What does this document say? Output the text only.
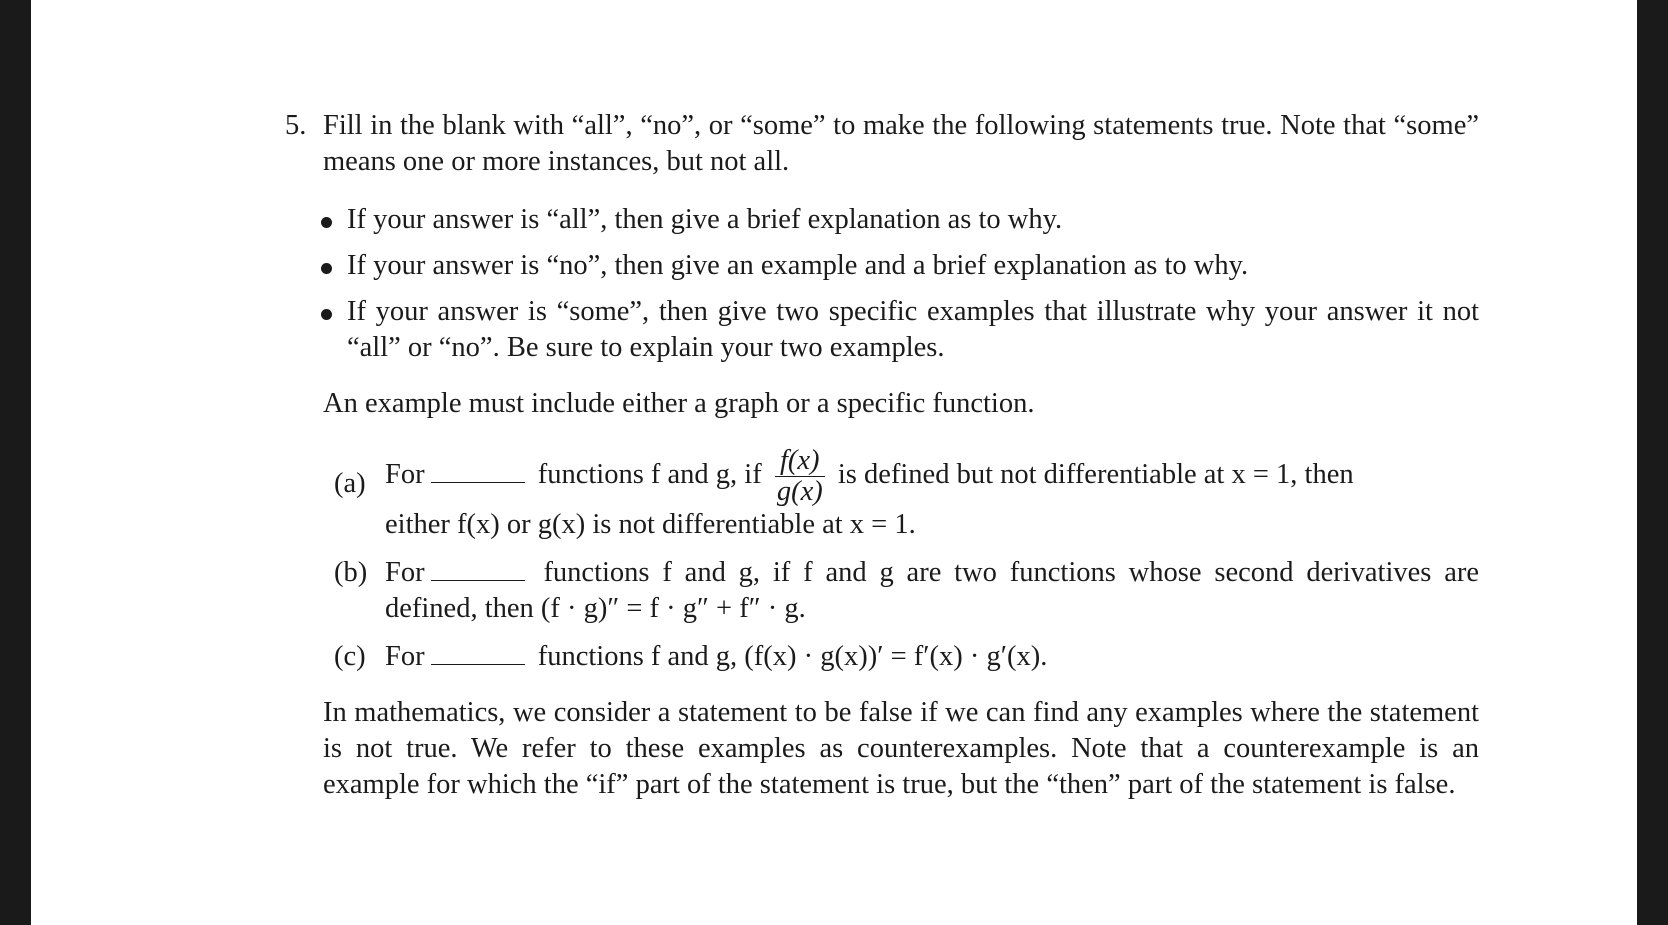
5. Fill in the blank with “all”, “no”, or “some” to make the following statements true. Note that “some” means one or more instances, but not all.
If your answer is “all”, then give a brief explanation as to why.
If your answer is “no”, then give an example and a brief explanation as to why.
If your answer is “some”, then give two specific examples that illustrate why your answer it not “all” or “no”. Be sure to explain your two examples.
An example must include either a graph or a specific function.
(a) For	functions f and g, if $\frac{f(x)}{g(x)}$ is defined but not differentiable at x = 1, then
either f(x) or g(x) is not differentiable at x = 1.
(b) For	functions f and g, if f and g are two functions whose second derivatives are defined, then (f · g)″ = f · g″ + f″ · g.
(c) For	functions f and g, (f(x) · g(x))′ = f′(x) · g′(x).
In mathematics, we consider a statement to be false if we can find any examples where the statement is not true. We refer to these examples as counterexamples. Note that a counterexample is an example for which the “if” part of the statement is true, but the “then” part of the statement is false.
